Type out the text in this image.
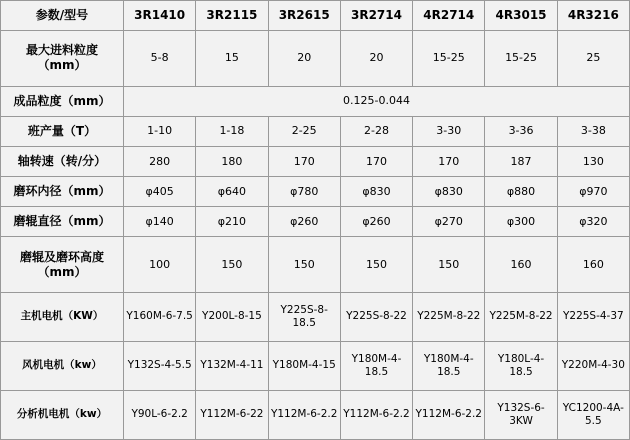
参数/型号	3R1410	3R2115	3R2615	3R2714	4R2714	4R3015	4R3216
最大进料粒度（mm）	5-8	15	20	20	15-25	15-25	25
成品粒度（mm）	0.125-0.044						
班产量（T）	1-10	1-18	2-25	2-28	3-30	3-36	3-38
轴转速（转/分）	280	180	170	170	170	187	130
磨环内径（mm）	φ405	φ640	φ780	φ830	φ830	φ880	φ970
磨辊直径（mm）	φ140	φ210	φ260	φ260	φ270	φ300	φ320
磨辊及磨环高度（mm）	100	150	150	150	150	160	160
主机电机（KW）	Y160M-6-7.5	Y200L-8-15	Y225S-8-18.5	Y225S-8-22	Y225M-8-22	Y225M-8-22	Y225S-4-37
风机电机（kw）	Y132S-4-5.5	Y132M-4-11	Y180M-4-15	Y180M-4-18.5	Y180M-4-18.5	Y180L-4-18.5	Y220M-4-30
分析机电机（kw）	Y90L-6-2.2	Y112M-6-22	Y112M-6-2.2	Y112M-6-2.2	Y112M-6-2.2	Y132S-6-3KW	YC1200-4A-5.5
